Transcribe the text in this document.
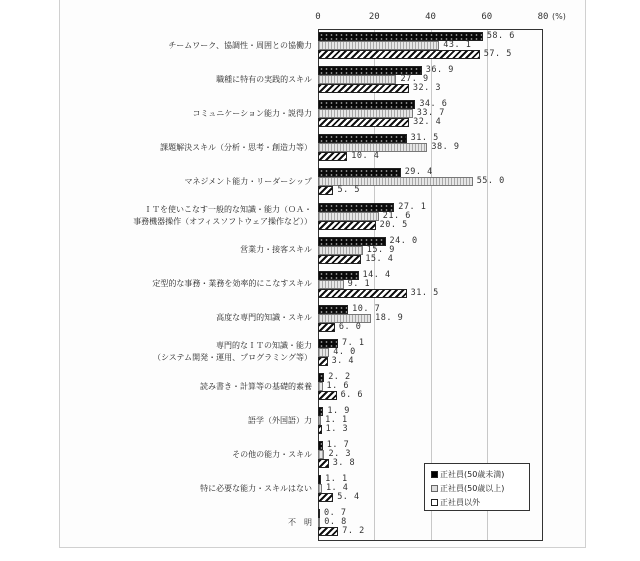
0	20	40	60	80 (%)
チームワーク、協調性・周囲との協働力
58. 6
43. 1
57. 5
職種に特有の実践的スキル
36. 9
27. 9
32. 3
コミュニケーション能力・説得力
34. 6
33. 7
32. 4
課題解決スキル（分析・思考・創造力等）
31. 5
38. 9
10. 4
マネジメント能力・リーダーシップ
29. 4
55. 0
5. 5
ＩＴを使いこなす一般的な知識・能力（ＯＡ・
事務機器操作（オフィスソフトウェア操作など））
27. 1
21. 6
20. 5
営業力・接客スキル
24. 0
15. 9
15. 4
定型的な事務・業務を効率的にこなすスキル
14. 4
9. 1
31. 5
高度な専門的知識・スキル
10. 7
18. 9
6. 0
専門的なＩＴの知識・能力
（システム開発・運用、プログラミング等）
7. 1
4. 0
3. 4
読み書き・計算等の基礎的素養
2. 2
1. 6
6. 6
語学（外国語）力
1. 9
1. 1
1. 3
その他の能力・スキル
1. 7
2. 3
3. 8
特に必要な能力・スキルはない
1. 1
1. 4
5. 4
不　明
0. 7
0. 8
7. 2
正社員(50歳未満)
正社員(50歳以上)
正社員以外
